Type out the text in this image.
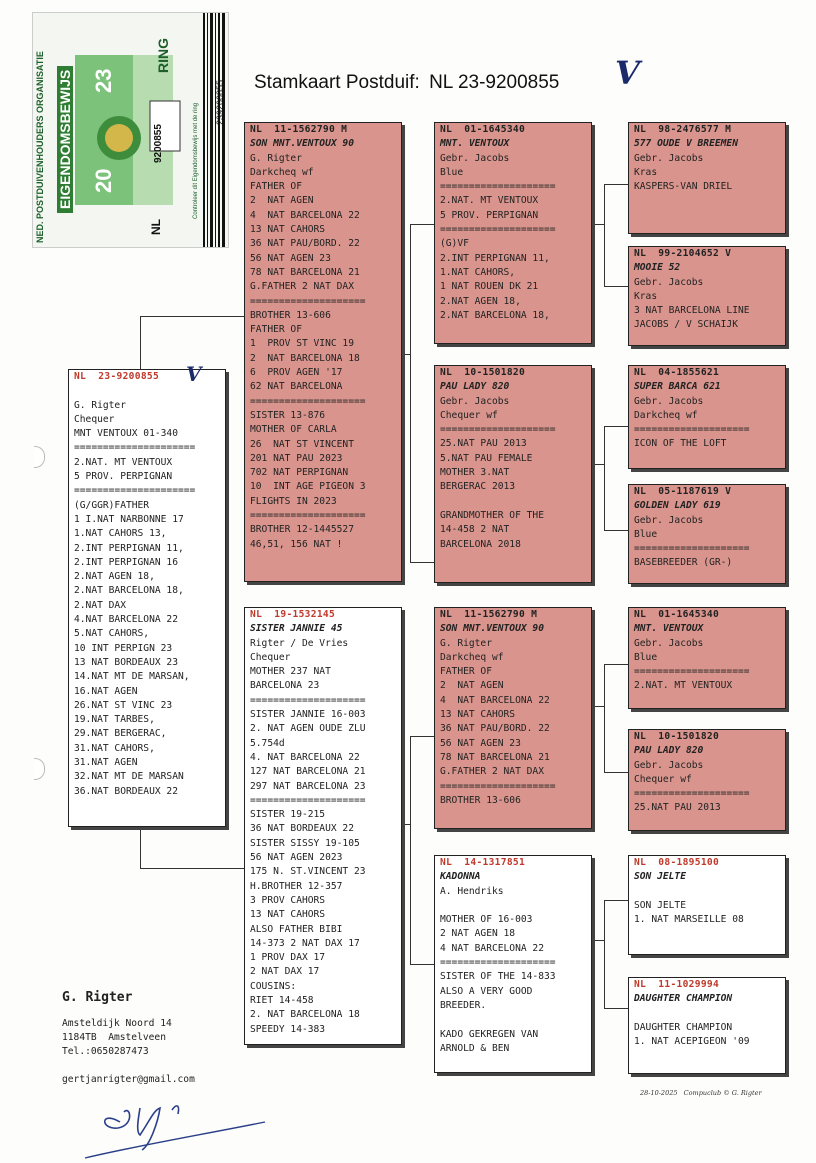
NED. POSTDUIVENHOUDERS ORGANISATIE EIGENDOMSBEWIJS 20
23
RING
NL
9200855	Controleer dit Eigendomsbewijs met de ring
239200855 Stamkaart Postduif: NL 23-9200855 V
NL  23-9200855

G. Rigter
Chequer
MNT VENTOUX 01-340
=====================
2.NAT. MT VENTOUX
5 PROV. PERPIGNAN
=====================
(G/GGR)FATHER
1 I.NAT NARBONNE 17
1.NAT CAHORS 13,
2.INT PERPIGNAN 11,
2.INT PERPIGNAN 16
2.NAT AGEN 18,
2.NAT BARCELONA 18,
2.NAT DAX
4.NAT BARCELONA 22
5.NAT CAHORS,
10 INT PERPIGN 23
13 NAT BORDEAUX 23
14.NAT MT DE MARSAN,
16.NAT AGEN
26.NAT ST VINC 23
19.NAT TARBES,
29.NAT BERGERAC,
31.NAT CAHORS,
31.NAT AGEN
32.NAT MT DE MARSAN
36.NAT BORDEAUX 22
V
NL  11-1562790 M
SON MNT.VENTOUX 90
G. Rigter
Darkcheq wf
FATHER OF
2  NAT AGEN
4  NAT BARCELONA 22
13 NAT CAHORS
36 NAT PAU/BORD. 22
56 NAT AGEN 23
78 NAT BARCELONA 21
G.FATHER 2 NAT DAX
====================
BROTHER 13-606
FATHER OF
1  PROV ST VINC 19
2  NAT BARCELONA 18
6  PROV AGEN '17
62 NAT BARCELONA
====================
SISTER 13-876
MOTHER OF CARLA
26  NAT ST VINCENT
201 NAT PAU 2023
702 NAT PERPIGNAN
10  INT AGE PIGEON 3
FLIGHTS IN 2023
====================
BROTHER 12-1445527
46,51, 156 NAT !
NL  19-1532145
SISTER JANNIE 45
Rigter / De Vries
Chequer
MOTHER 237 NAT
BARCELONA 23
====================
SISTER JANNIE 16-003
2. NAT AGEN OUDE ZLU
5.754d
4. NAT BARCELONA 22
127 NAT BARCELONA 21
297 NAT BARCELONA 23
====================
SISTER 19-215
36 NAT BORDEAUX 22
SISTER SISSY 19-105
56 NAT AGEN 2023
175 N. ST.VINCENT 23
H.BROTHER 12-357
3 PROV CAHORS
13 NAT CAHORS
ALSO FATHER BIBI
14-373 2 NAT DAX 17
1 PROV DAX 17
2 NAT DAX 17
COUSINS:
RIET 14-458
2. NAT BARCELONA 18
SPEEDY 14-383
NL  01-1645340
MNT. VENTOUX
Gebr. Jacobs
Blue
====================
2.NAT. MT VENTOUX
5 PROV. PERPIGNAN
====================
(G)VF
2.INT PERPIGNAN 11,
1.NAT CAHORS,
1 NAT ROUEN DK 21
2.NAT AGEN 18,
2.NAT BARCELONA 18,
NL  10-1501820
PAU LADY 820
Gebr. Jacobs
Chequer wf
====================
25.NAT PAU 2013
5.NAT PAU FEMALE
MOTHER 3.NAT
BERGERAC 2013

GRANDMOTHER OF THE
14-458 2 NAT
BARCELONA 2018
NL  11-1562790 M
SON MNT.VENTOUX 90
G. Rigter
Darkcheq wf
FATHER OF
2  NAT AGEN
4  NAT BARCELONA 22
13 NAT CAHORS
36 NAT PAU/BORD. 22
56 NAT AGEN 23
78 NAT BARCELONA 21
G.FATHER 2 NAT DAX
====================
BROTHER 13-606
NL  14-1317851
KADONNA
A. Hendriks

MOTHER OF 16-003
2 NAT AGEN 18
4 NAT BARCELONA 22
====================
SISTER OF THE 14-833
ALSO A VERY GOOD
BREEDER.

KADO GEKREGEN VAN
ARNOLD & BEN
NL  98-2476577 M
577 OUDE V BREEMEN
Gebr. Jacobs
Kras
KASPERS-VAN DRIEL
NL  99-2104652 V
MOOIE 52
Gebr. Jacobs
Kras
3 NAT BARCELONA LINE
JACOBS / V SCHAIJK
NL  04-1855621
SUPER BARCA 621
Gebr. Jacobs
Darkcheq wf
====================
ICON OF THE LOFT
NL  05-1187619 V
GOLDEN LADY 619
Gebr. Jacobs
Blue
====================
BASEBREEDER (GR-)
NL  01-1645340
MNT. VENTOUX
Gebr. Jacobs
Blue
====================
2.NAT. MT VENTOUX
NL  10-1501820
PAU LADY 820
Gebr. Jacobs
Chequer wf
====================
25.NAT PAU 2013
NL  08-1895100
SON JELTE

SON JELTE
1. NAT MARSEILLE 08
NL  11-1029994
DAUGHTER CHAMPION

DAUGHTER CHAMPION
1. NAT ACEPIGEON '09
G. Rigter
Amsteldijk Noord 14
1184TB  Amstelveen
Tel.:0650287473
gertjanrigter@gmail.com
28-10-2025   Compuclub © G. Rigter
